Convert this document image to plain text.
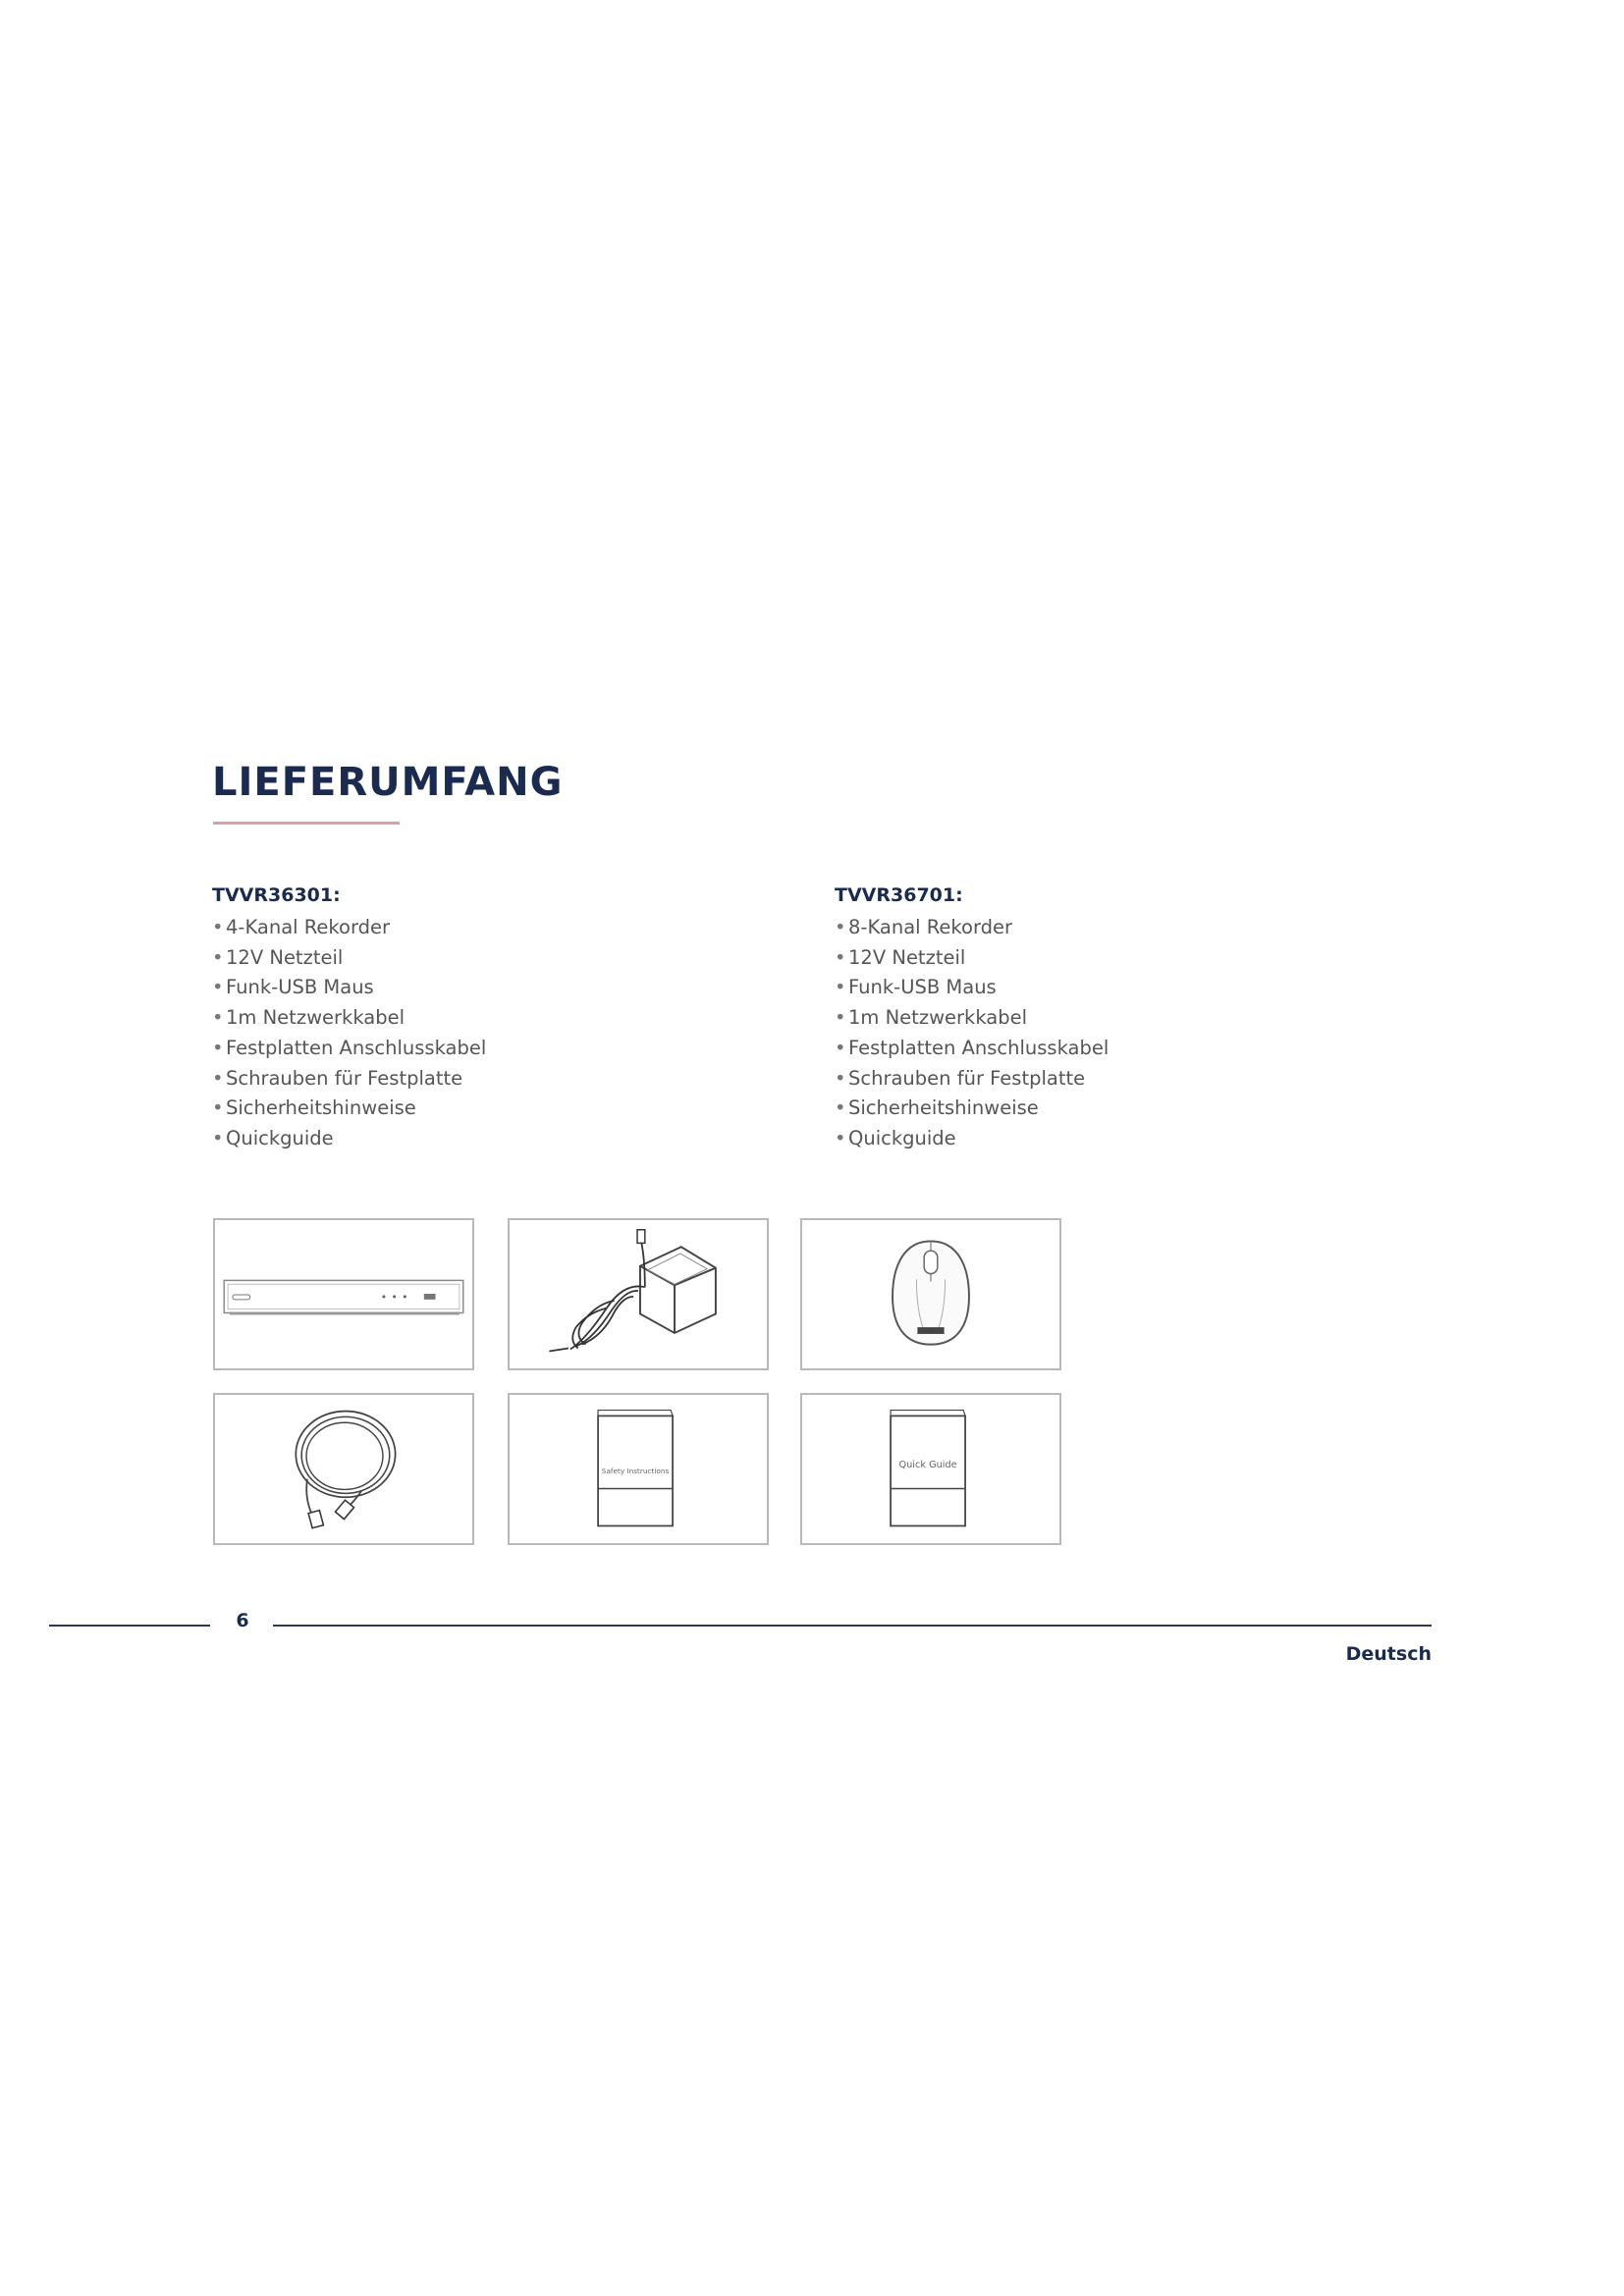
LIEFERUMFANG
TVVR36301:
• 4-Kanal Rekorder
• 12V Netzteil
• Funk-USB Maus
• 1m Netzwerkkabel
• Festplatten Anschlusskabel
• Schrauben für Festplatte
• Sicherheitshinweise
• Quickguide
TVVR36701:
• 8-Kanal Rekorder
• 12V Netzteil
• Funk-USB Maus
• 1m Netzwerkkabel
• Festplatten Anschlusskabel
• Schrauben für Festplatte
• Sicherheitshinweise
• Quickguide
Safety Instructions
Quick Guide
6
Deutsch
